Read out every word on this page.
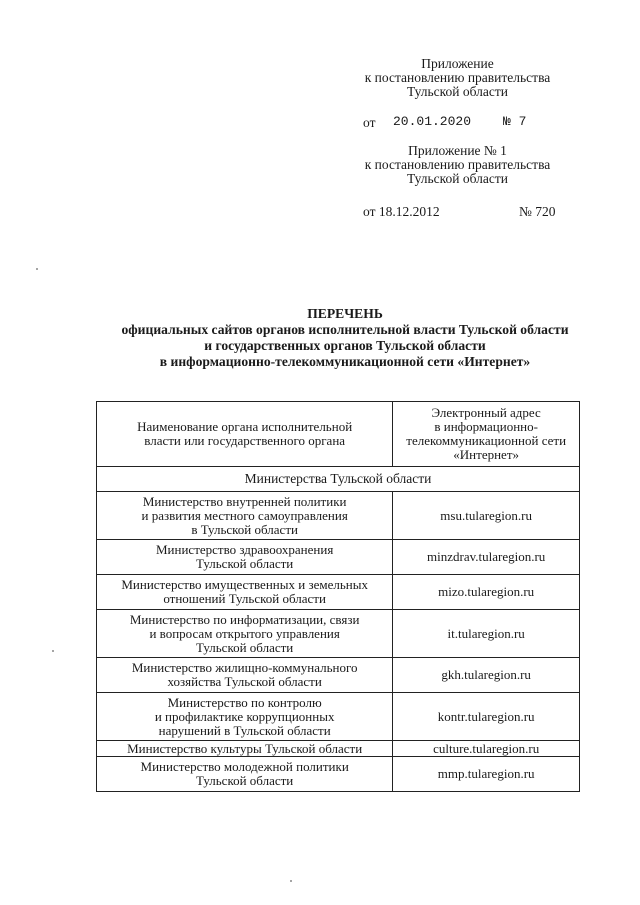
Приложение
к постановлению правительства
Тульской области
от 20.01.2020 № 7
Приложение № 1
к постановлению правительства
Тульской области
от 18.12.2012	№ 720
ПЕРЕЧЕНЬ
официальных сайтов органов исполнительной власти Тульской области
и государственных органов Тульской области
в информационно-телекоммуникационной сети «Интернет»
Наименование органа исполнительной
власти или государственного органа	Электронный адрес
в информационно-
телекоммуникационной сети
«Интернет»

Министерства Тульской области	

Министерство внутренней политики
и развития местного самоуправления
в Тульской области	msu.tularegion.ru

Министерство здравоохранения
Тульской области	minzdrav.tularegion.ru

Министерство имущественных и земельных
отношений Тульской области	mizo.tularegion.ru

Министерство по информатизации, связи
и вопросам открытого управления
Тульской области	it.tularegion.ru

Министерство жилищно-коммунального
хозяйства Тульской области	gkh.tularegion.ru

Министерство по контролю
и профилактике коррупционных
нарушений в Тульской области	kontr.tularegion.ru

Министерство культуры Тульской области	culture.tularegion.ru

Министерство молодежной политики
Тульской области	mmp.tularegion.ru
